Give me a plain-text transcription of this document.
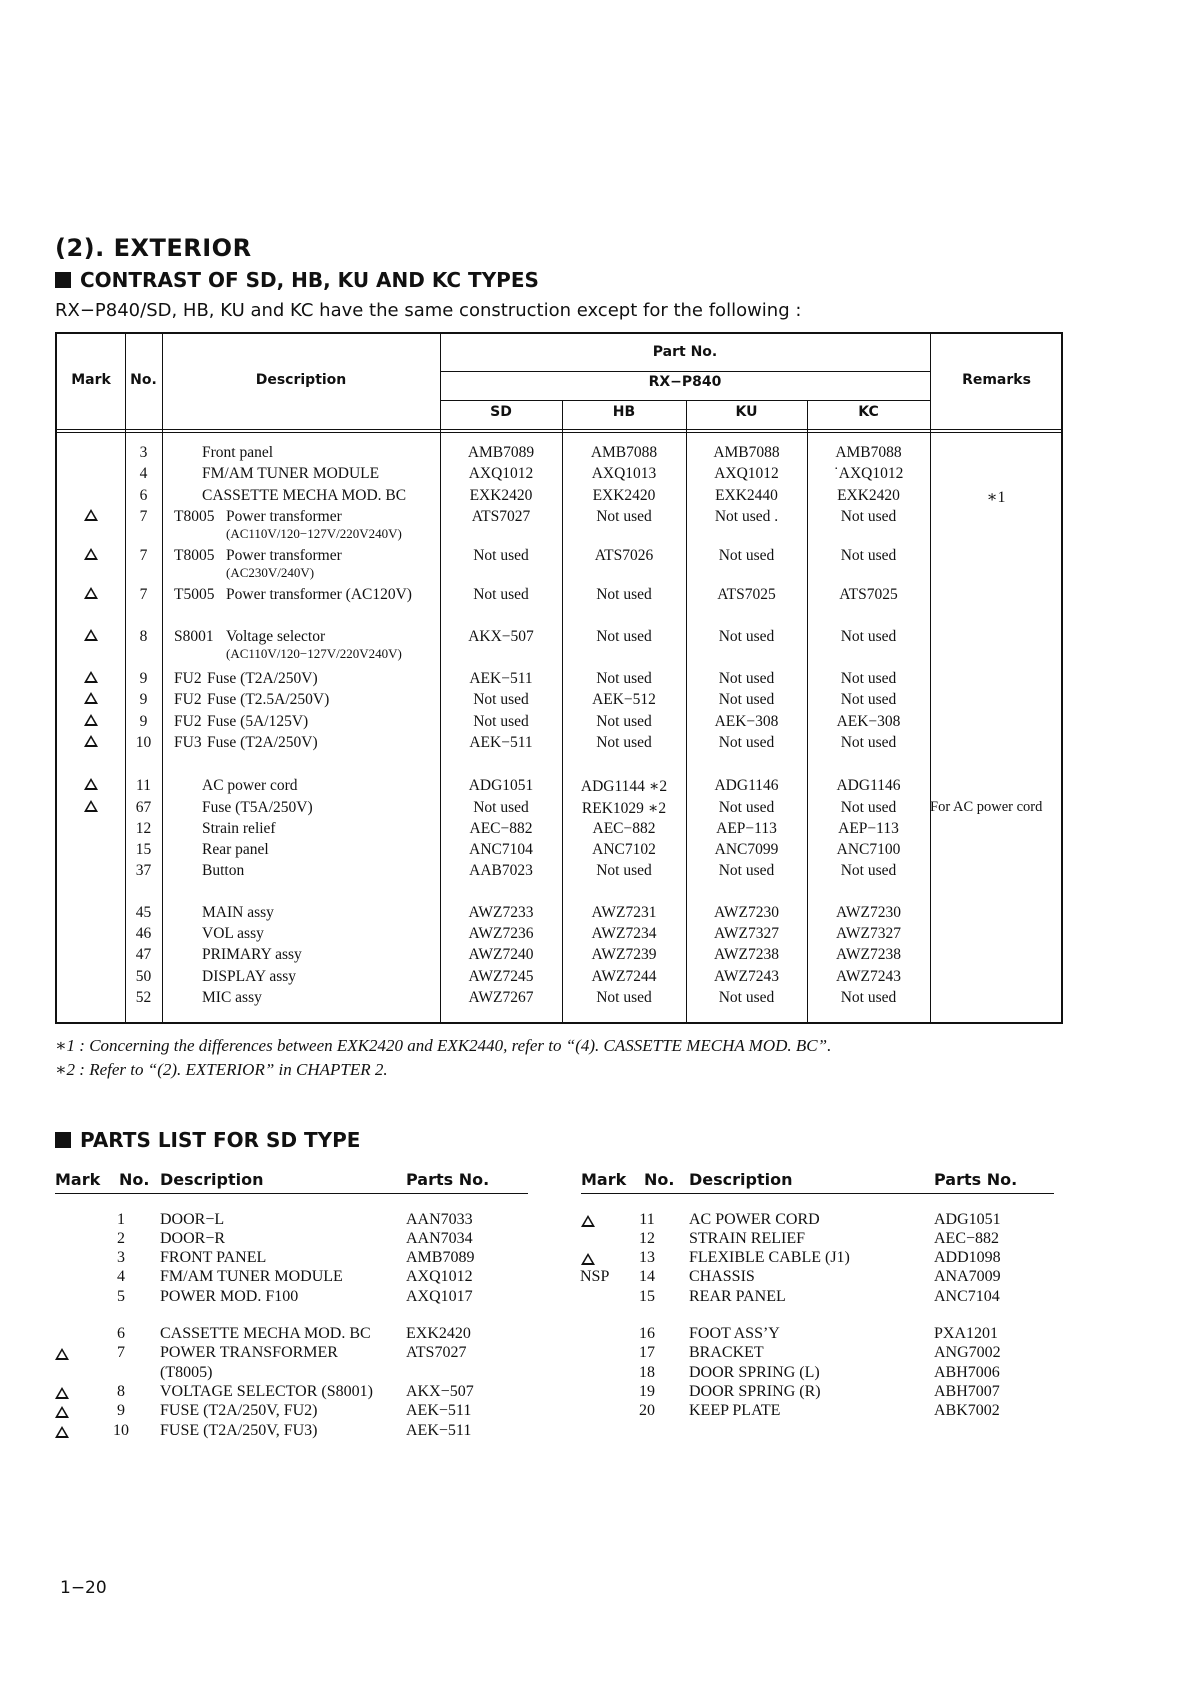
(2). EXTERIOR
CONTRAST OF SD, HB, KU AND KC TYPES
RX−P840/SD, HB, KU and KC have the same construction except for the following :
Mark	No.	Description
Part No.
RX−P840
SD	HB	KU	KC
Remarks
3	Front panel	AMB7089	AMB7088	AMB7088	AMB7088
4	FM/AM TUNER MODULE	AXQ1012	AXQ1013	AXQ1012	˙AXQ1012
6	CASSETTE MECHA MOD. BC	EXK2420	EXK2420	EXK2440	EXK2420	∗1
7	T8005 Power transformer	ATS7027	Not used	Not used .	Not used
(AC110V/120−127V/220V240V)
7	T8005 Power transformer	Not used	ATS7026	Not used	Not used
(AC230V/240V)
7	T5005 Power transformer (AC120V)	Not used	Not used	ATS7025	ATS7025
8	S8001 Voltage selector	AKX−507	Not used	Not used	Not used
(AC110V/120−127V/220V240V)
9	FU2 Fuse (T2A/250V)	AEK−511	Not used	Not used	Not used
9	FU2 Fuse (T2.5A/250V)	Not used	AEK−512	Not used	Not used
9	FU2 Fuse (5A/125V)	Not used	Not used	AEK−308	AEK−308
10	FU3 Fuse (T2A/250V)	AEK−511	Not used	Not used	Not used
11	AC power cord	ADG1051	ADG1144 ∗2	ADG1146	ADG1146
67	Fuse (T5A/250V)	Not used	REK1029 ∗2	Not used	Not used	For AC power cord
12	Strain relief	AEC−882	AEC−882	AEP−113	AEP−113
15	Rear panel	ANC7104	ANC7102	ANC7099	ANC7100
37	Button	AAB7023	Not used	Not used	Not used
45	MAIN assy	AWZ7233	AWZ7231	AWZ7230	AWZ7230
46	VOL assy	AWZ7236	AWZ7234	AWZ7327	AWZ7327
47	PRIMARY assy	AWZ7240	AWZ7239	AWZ7238	AWZ7238
50	DISPLAY assy	AWZ7245	AWZ7244	AWZ7243	AWZ7243
52	MIC assy	AWZ7267	Not used	Not used	Not used
∗1 : Concerning the differences between EXK2420 and EXK2440, refer to “(4). CASSETTE MECHA MOD. BC”.
∗2 : Refer to “(2). EXTERIOR” in CHAPTER 2.
PARTS LIST FOR SD TYPE
Mark No. Description	Parts No.	Mark No. Description	Parts No.
1	DOOR−L	AAN7033
2	DOOR−R	AAN7034
3	FRONT PANEL	AMB7089
4	FM/AM TUNER MODULE	AXQ1012
5	POWER MOD. F100	AXQ1017
6	CASSETTE MECHA MOD. BC EXK2420
7	POWER TRANSFORMER	ATS7027
(T8005)
8	VOLTAGE SELECTOR (S8001) AKX−507
9	FUSE (T2A/250V, FU2)	AEK−511
10 FUSE (T2A/250V, FU3)	AEK−511
11 AC POWER CORD	ADG1051
12 STRAIN RELIEF	AEC−882
13 FLEXIBLE CABLE (J1)	ADD1098
NSP 14 CHASSIS	ANA7009
15 REAR PANEL	ANC7104
16 FOOT ASS’Y	PXA1201
17 BRACKET	ANG7002
18 DOOR SPRING (L)	ABH7006
19 DOOR SPRING (R)	ABH7007
20 KEEP PLATE	ABK7002
1−20
